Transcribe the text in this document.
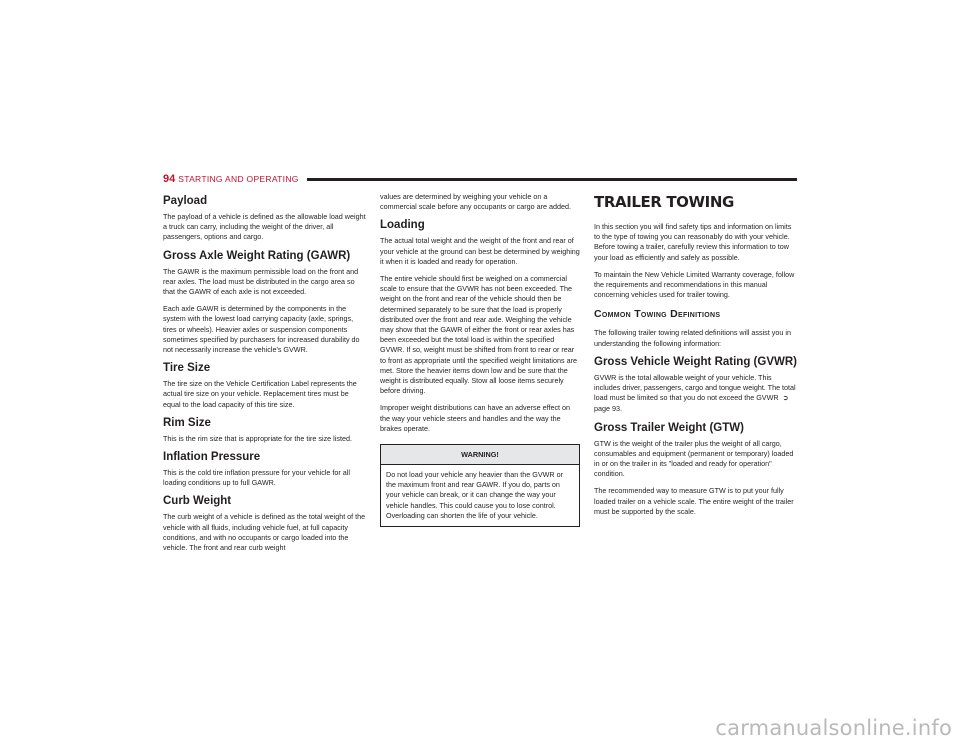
94 STARTING AND OPERATING
Payload

The payload of a vehicle is defined as the allowable load weight a truck can carry, including the weight of the driver, all passengers, options and cargo.

Gross Axle Weight Rating (GAWR)

The GAWR is the maximum permissible load on the front and rear axles. The load must be distributed in the cargo area so that the GAWR of each axle is not exceeded.

Each axle GAWR is determined by the components in the system with the lowest load carrying capacity (axle, springs, tires or wheels). Heavier axles or suspension components sometimes specified by purchasers for increased durability do not necessarily increase the vehicle's GVWR.

Tire Size

The tire size on the Vehicle Certification Label represents the actual tire size on your vehicle. Replacement tires must be equal to the load capacity of this tire size.

Rim Size

This is the rim size that is appropriate for the tire size listed.

Inflation Pressure

This is the cold tire inflation pressure for your vehicle for all loading conditions up to full GAWR.

Curb Weight

The curb weight of a vehicle is defined as the total weight of the vehicle with all fluids, including vehicle fuel, at full capacity conditions, and with no occupants or cargo loaded into the vehicle. The front and rear curb weight

values are determined by weighing your vehicle on a commercial scale before any occupants or cargo are added.

Loading

The actual total weight and the weight of the front and rear of your vehicle at the ground can best be determined by weighing it when it is loaded and ready for operation.

The entire vehicle should first be weighed on a commercial scale to ensure that the GVWR has not been exceeded. The weight on the front and rear of the vehicle should then be determined separately to be sure that the load is properly distributed over the front and rear axle. Weighing the vehicle may show that the GAWR of either the front or rear axles has been exceeded but the total load is within the specified GVWR. If so, weight must be shifted from front to rear or rear to front as appropriate until the specified weight limitations are met. Store the heavier items down low and be sure that the weight is distributed equally. Stow all loose items securely before driving.

Improper weight distributions can have an adverse effect on the way your vehicle steers and handles and the way the brakes operate.

WARNING!

Do not load your vehicle any heavier than the GVWR or the maximum front and rear GAWR. If you do, parts on your vehicle can break, or it can change the way your vehicle handles. This could cause you to lose control. Overloading can shorten the life of your vehicle.

TRAILER TOWING

In this section you will find safety tips and information on limits to the type of towing you can reasonably do with your vehicle. Before towing a trailer, carefully review this information to tow your load as efficiently and safely as possible.

To maintain the New Vehicle Limited Warranty coverage, follow the requirements and recommendations in this manual concerning vehicles used for trailer towing.

Common Towing Definitions

The following trailer towing related definitions will assist you in understanding the following information:

Gross Vehicle Weight Rating (GVWR)

GVWR is the total allowable weight of your vehicle. This includes driver, passengers, cargo and tongue weight. The total load must be limited so that you do not exceed the GVWR ➲ page 93.

Gross Trailer Weight (GTW)

GTW is the weight of the trailer plus the weight of all cargo, consumables and equipment (permanent or temporary) loaded in or on the trailer in its "loaded and ready for operation" condition.

The recommended way to measure GTW is to put your fully loaded trailer on a vehicle scale. The entire weight of the trailer must be supported by the scale.

carmanualsonline.info
